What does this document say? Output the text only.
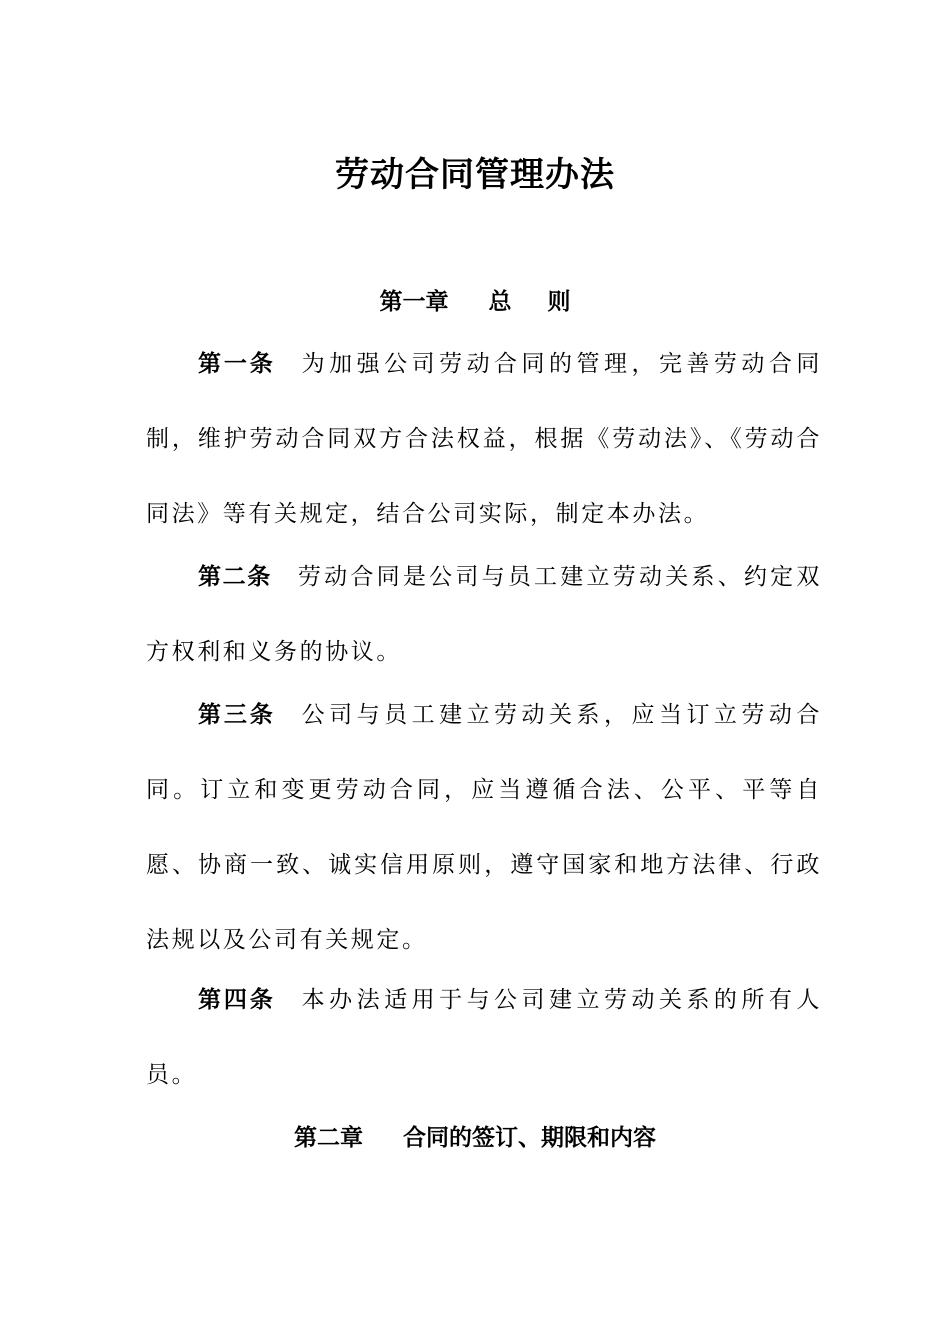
劳动合同管理办法
第一章 总 则

第一条 为加强公司劳动合同的管理，完善劳动合同制，维护劳动合同双方合法权益，根据《劳动法》、《劳动合同法》等有关规定，结合公司实际，制定本办法。

第二条 劳动合同是公司与员工建立劳动关系、约定双方权利和义务的协议。

第三条 公司与员工建立劳动关系，应当订立劳动合同。订立和变更劳动合同，应当遵循合法、公平、平等自愿、协商一致、诚实信用原则，遵守国家和地方法律、行政法规以及公司有关规定。

第四条 本办法适用于与公司建立劳动关系的所有人员。

第二章 合同的签订、期限和内容
